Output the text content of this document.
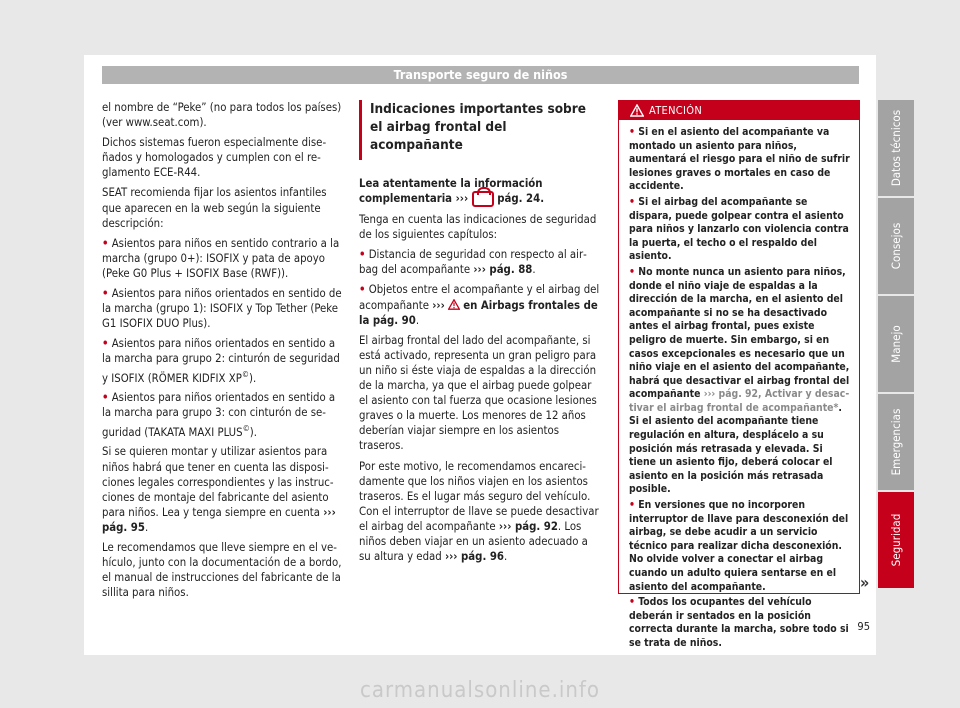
Transporte seguro de niños

el nombre de “Peke” (no para todos los países) (ver www.seat.com).

Dichos sistemas fueron especialmente diseñados y homologados y cumplen con el reglamento ECE-R44.

SEAT recomienda fijar los asientos infantiles que aparecen en la web según la siguiente descripción:

• Asientos para niños en sentido contrario a la marcha (grupo 0+): ISOFIX y pata de apoyo (Peke G0 Plus + ISOFIX Base (RWF)).

• Asientos para niños orientados en sentido de la marcha (grupo 1): ISOFIX y Top Tether (Peke G1 ISOFIX DUO Plus).

• Asientos para niños orientados en sentido a la marcha para grupo 2: cinturón de seguridad y ISOFIX (RÖMER KIDFIX XP©).

• Asientos para niños orientados en sentido a la marcha para grupo 3: con cinturón de seguridad (TAKATA MAXI PLUS©).

Si se quieren montar y utilizar asientos para niños habrá que tener en cuenta las disposiciones legales correspondientes y las instrucciones de montaje del fabricante del asiento para niños. Lea y tenga siempre en cuenta ››› pág. 95.

Le recomendamos que lleve siempre en el vehículo, junto con la documentación de a bordo, el manual de instrucciones del fabricante de la sillita para niños.

Indicaciones importantes sobre el airbag frontal del acompañante

Lea atentamente la información complementaria ›››	pág. 24.

Tenga en cuenta las indicaciones de seguridad de los siguientes capítulos:

• Distancia de seguridad con respecto al airbag del acompañante ››› pág. 88.

• Objetos entre el acompañante y el airbag del acompañante ››› en Airbags frontales de la pág. 90.

El airbag frontal del lado del acompañante, si está activado, representa un gran peligro para un niño si éste viaja de espaldas a la dirección de la marcha, ya que el airbag puede golpear el asiento con tal fuerza que ocasione lesiones graves o la muerte. Los menores de 12 años deberían viajar siempre en los asientos traseros.

Por este motivo, le recomendamos encarecidamente que los niños viajen en los asientos traseros. Es el lugar más seguro del vehículo. Con el interruptor de llave se puede desactivar el airbag del acompañante ››› pág. 92. Los niños deben viajar en un asiento adecuado a su altura y edad ››› pág. 96.

ATENCIÓN

• Si en el asiento del acompañante va montado un asiento para niños, aumentará el riesgo para el niño de sufrir lesiones graves o mortales en caso de accidente.

• Si el airbag del acompañante se dispara, puede golpear contra el asiento para niños y lanzarlo con violencia contra la puerta, el techo o el respaldo del asiento.

• No monte nunca un asiento para niños, donde el niño viaje de espaldas a la dirección de la marcha, en el asiento del acompañante si no se ha desactivado antes el airbag frontal, pues existe peligro de muerte. Sin embargo, si en casos excepcionales es necesario que un niño viaje en el asiento del acompañante, habrá que desactivar el airbag frontal del acompañante ››› pág. 92, Activar y desactivar el airbag frontal de acompañante*. Si el asiento del acompañante tiene regulación en altura, desplácelo a su posición más retrasada y elevada. Si tiene un asiento fijo, deberá colocar el asiento en la posición más retrasada posible.

• En versiones que no incorporen interruptor de llave para desconexión del airbag, se debe acudir a un servicio técnico para realizar dicha desconexión. No olvide volver a conectar el airbag cuando un adulto quiera sentarse en el asiento del acompañante.

• Todos los ocupantes del vehículo deberán ir sentados en la posición correcta durante la marcha, sobre todo si se trata de niños.

»
Datos técnicos
Consejos
Manejo
Emergencias
Seguridad
95
carmanualsonline.info
